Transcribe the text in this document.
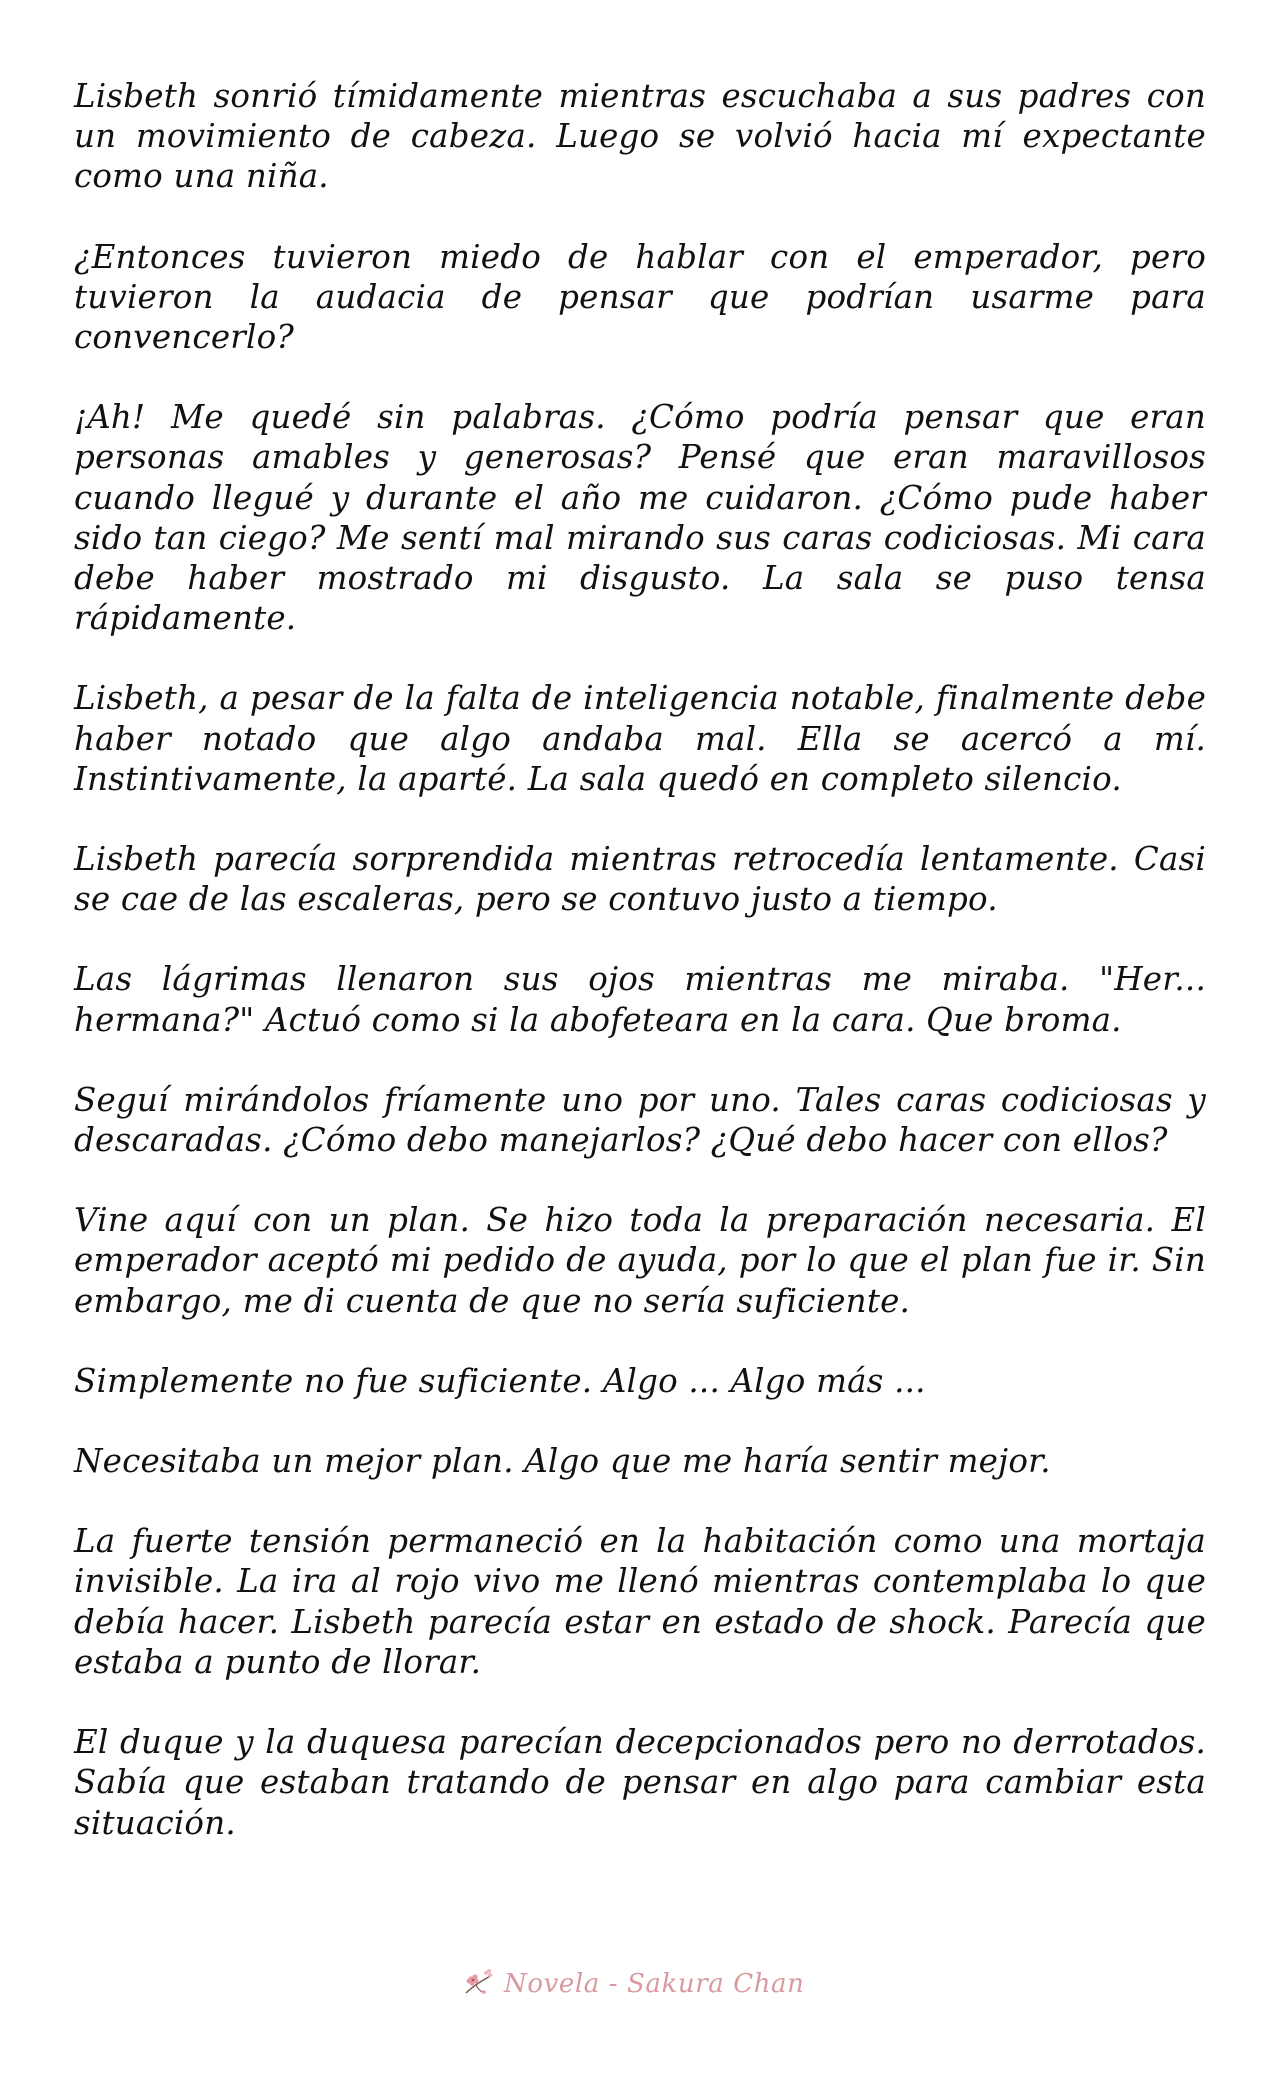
Lisbeth sonrió tímidamente mientras escuchaba a sus padres con un movimiento de cabeza. Luego se volvió hacia mí expectante como una niña.

¿Entonces tuvieron miedo de hablar con el emperador, pero tuvieron la audacia de pensar que podrían usarme para convencerlo?

¡Ah! Me quedé sin palabras. ¿Cómo podría pensar que eran personas amables y generosas? Pensé que eran maravillosos cuando llegué y durante el año me cuidaron. ¿Cómo pude haber sido tan ciego? Me sentí mal mirando sus caras codiciosas. Mi cara debe haber mostrado mi disgusto. La sala se puso tensa rápidamente.

Lisbeth, a pesar de la falta de inteligencia notable, finalmente debe haber notado que algo andaba mal. Ella se acercó a mí. Instintivamente, la aparté. La sala quedó en completo silencio.

Lisbeth parecía sorprendida mientras retrocedía lentamente. Casi se cae de las escaleras, pero se contuvo justo a tiempo.

Las lágrimas llenaron sus ojos mientras me miraba. "Her... hermana?" Actuó como si la abofeteara en la cara. Que broma.

Seguí mirándolos fríamente uno por uno. Tales caras codiciosas y descaradas. ¿Cómo debo manejarlos? ¿Qué debo hacer con ellos?

Vine aquí con un plan. Se hizo toda la preparación necesaria. El emperador aceptó mi pedido de ayuda, por lo que el plan fue ir. Sin embargo, me di cuenta de que no sería suficiente.

Simplemente no fue suficiente. Algo ... Algo más ...

Necesitaba un mejor plan. Algo que me haría sentir mejor.

La fuerte tensión permaneció en la habitación como una mortaja invisible. La ira al rojo vivo me llenó mientras contemplaba lo que debía hacer. Lisbeth parecía estar en estado de shock. Parecía que estaba a punto de llorar.

El duque y la duquesa parecían decepcionados pero no derrotados. Sabía que estaban tratando de pensar en algo para cambiar esta situación.

Novela - Sakura Chan
